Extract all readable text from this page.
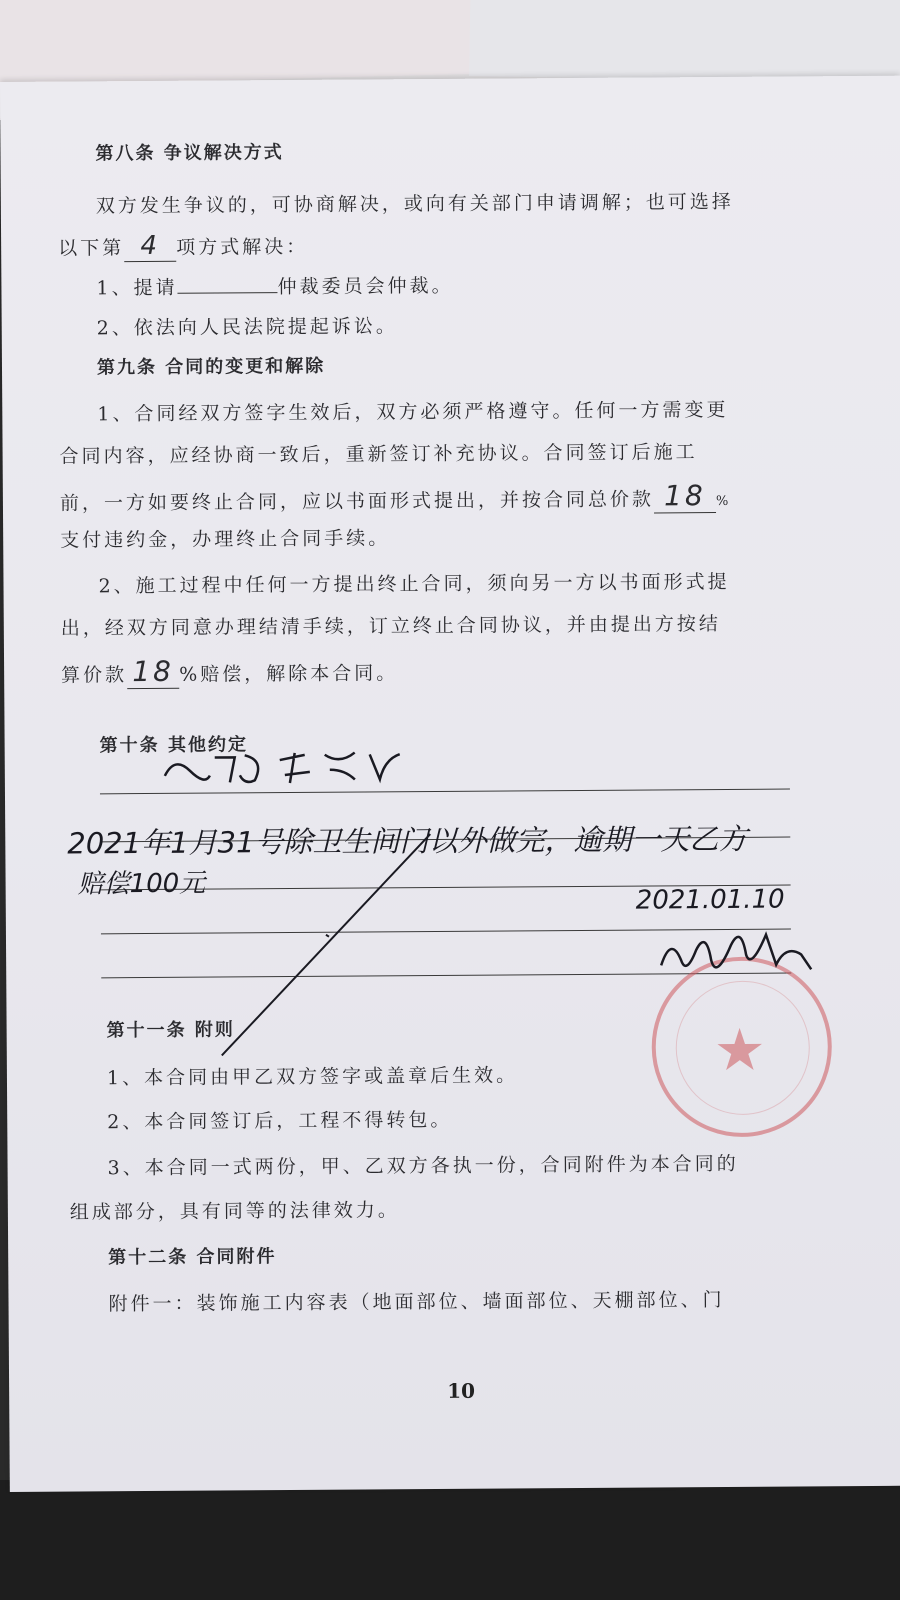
第八条 争议解决方式
双方发生争议的，可协商解决，或向有关部门申请调解；也可选择
以下第 4 项方式解决：
1、提请	仲裁委员会仲裁。
2、依法向人民法院提起诉讼。
第九条 合同的变更和解除
1、合同经双方签字生效后，双方必须严格遵守。任何一方需变更
合同内容，应经协商一致后，重新签订补充协议。合同签订后施工
前，一方如要终止合同，应以书面形式提出，并按合同总价款 18 %
支付违约金，办理终止合同手续。
2、施工过程中任何一方提出终止合同，须向另一方以书面形式提
出，经双方同意办理结清手续，订立终止合同协议，并由提出方按结
算价款 18 %赔偿，解除本合同。
第十条 其他约定
2021年1月31号除卫生间门以外做完，逾期一天乙方
赔偿100元
★
2021.01.10
第十一条 附则
1、本合同由甲乙双方签字或盖章后生效。
2、本合同签订后，工程不得转包。
3、本合同一式两份，甲、乙双方各执一份，合同附件为本合同的
组成部分，具有同等的法律效力。
第十二条 合同附件
附件一：装饰施工内容表（地面部位、墙面部位、天棚部位、门
10
